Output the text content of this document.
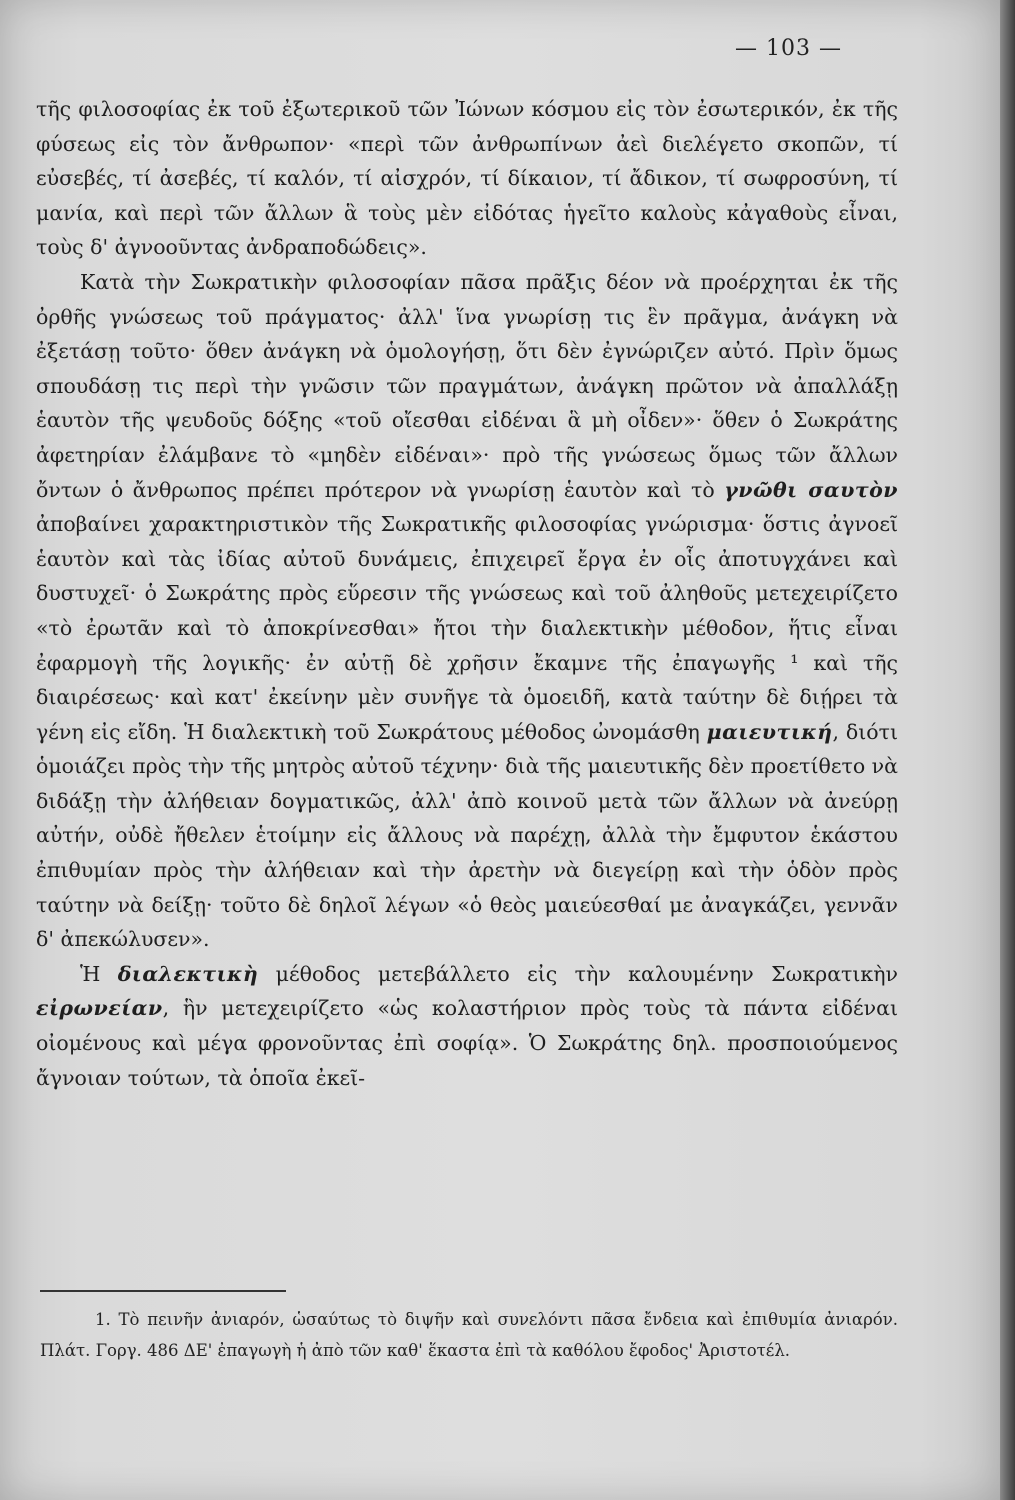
— 103 —

τῆς φιλοσοφίας ἐκ τοῦ ἐξωτερικοῦ τῶν Ἰώνων κόσμου εἰς τὸν ἐσωτερικόν, ἐκ τῆς φύσεως εἰς τὸν ἄνθρωπον· «περὶ τῶν ἀνθρωπίνων ἀεὶ διελέγετο σκοπῶν, τί εὐσεβές, τί ἀσεβές, τί καλόν, τί αἰσχρόν, τί δίκαιον, τί ἄδικον, τί σωφροσύνη, τί μανία, καὶ περὶ τῶν ἄλλων ἃ τοὺς μὲν εἰδότας ἡγεῖτο καλοὺς κἀγαθοὺς εἶναι, τοὺς δ' ἀγνοοῦντας ἀνδραποδώδεις».

Κατὰ τὴν Σωκρατικὴν φιλοσοφίαν πᾶσα πρᾶξις δέον νὰ προέρχηται ἐκ τῆς ὀρθῆς γνώσεως τοῦ πράγματος· ἀλλ' ἵνα γνωρίσῃ τις ἓν πρᾶγμα, ἀνάγκη νὰ ἐξετάσῃ τοῦτο· ὅθεν ἀνάγκη νὰ ὁμολογήσῃ, ὅτι δὲν ἐγνώριζεν αὐτό. Πρὶν ὅμως σπουδάσῃ τις περὶ τὴν γνῶσιν τῶν πραγμάτων, ἀνάγκη πρῶτον νὰ ἀπαλλάξῃ ἑαυτὸν τῆς ψευδοῦς δόξης «τοῦ οἴεσθαι εἰδέναι ἃ μὴ οἶδεν»· ὅθεν ὁ Σωκράτης ἀφετηρίαν ἐλάμβανε τὸ «μηδὲν εἰδέναι»· πρὸ τῆς γνώσεως ὅμως τῶν ἄλλων ὄντων ὁ ἄνθρωπος πρέπει πρότερον νὰ γνωρίσῃ ἑαυτὸν καὶ τὸ γνῶθι σαυτὸν ἀποβαίνει χαρακτηριστικὸν τῆς Σωκρατικῆς φιλοσοφίας γνώρισμα· ὅστις ἀγνοεῖ ἑαυτὸν καὶ τὰς ἰδίας αὐτοῦ δυνάμεις, ἐπιχειρεῖ ἔργα ἐν οἷς ἀποτυγχάνει καὶ δυστυχεῖ· ὁ Σωκράτης πρὸς εὕρεσιν τῆς γνώσεως καὶ τοῦ ἀληθοῦς μετεχειρίζετο «τὸ ἐρωτᾶν καὶ τὸ ἀποκρίνεσθαι» ἤτοι τὴν διαλεκτικὴν μέθοδον, ἥτις εἶναι ἐφαρμογὴ τῆς λογικῆς· ἐν αὐτῇ δὲ χρῆσιν ἔκαμνε τῆς ἐπαγωγῆς ¹ καὶ τῆς διαιρέσεως· καὶ κατ' ἐκείνην μὲν συνῆγε τὰ ὁμοειδῆ, κατὰ ταύτην δὲ διῄρει τὰ γένη εἰς εἴδη. Ἡ διαλεκτικὴ τοῦ Σωκράτους μέθοδος ὠνομάσθη μαιευτική, διότι ὁμοιάζει πρὸς τὴν τῆς μητρὸς αὐτοῦ τέχνην· διὰ τῆς μαιευτικῆς δὲν προετίθετο νὰ διδάξῃ τὴν ἀλήθειαν δογματικῶς, ἀλλ' ἀπὸ κοινοῦ μετὰ τῶν ἄλλων νὰ ἀνεύρῃ αὐτήν, οὐδὲ ἤθελεν ἑτοίμην εἰς ἄλλους νὰ παρέχῃ, ἀλλὰ τὴν ἔμφυτον ἑκάστου ἐπιθυμίαν πρὸς τὴν ἀλήθειαν καὶ τὴν ἀρετὴν νὰ διεγείρῃ καὶ τὴν ὁδὸν πρὸς ταύτην νὰ δείξῃ· τοῦτο δὲ δηλοῖ λέγων «ὁ θεὸς μαιεύεσθαί με ἀναγκάζει, γεννᾶν δ' ἀπεκώλυσεν».

Ἡ διαλεκτικὴ μέθοδος μετεβάλλετο εἰς τὴν καλουμένην Σωκρατικὴν εἰρωνείαν, ἣν μετεχειρίζετο «ὡς κολαστήριον πρὸς τοὺς τὰ πάντα εἰδέναι οἰομένους καὶ μέγα φρονοῦντας ἐπὶ σοφίᾳ». Ὁ Σωκράτης δηλ. προσποιούμενος ἄγνοιαν τούτων, τὰ ὁποῖα ἐκεῖ-

1. Τὸ πεινῆν ἀνιαρόν, ὡσαύτως τὸ διψῆν καὶ συνελόντι πᾶσα ἔνδεια καὶ ἐπιθυμία ἀνιαρόν. Πλάτ. Γοργ. 486 ΔΕ' ἐπαγωγὴ ἡ ἀπὸ τῶν καθ' ἕκαστα ἐπὶ τὰ καθόλου ἔφοδος' Ἀριστοτέλ.
